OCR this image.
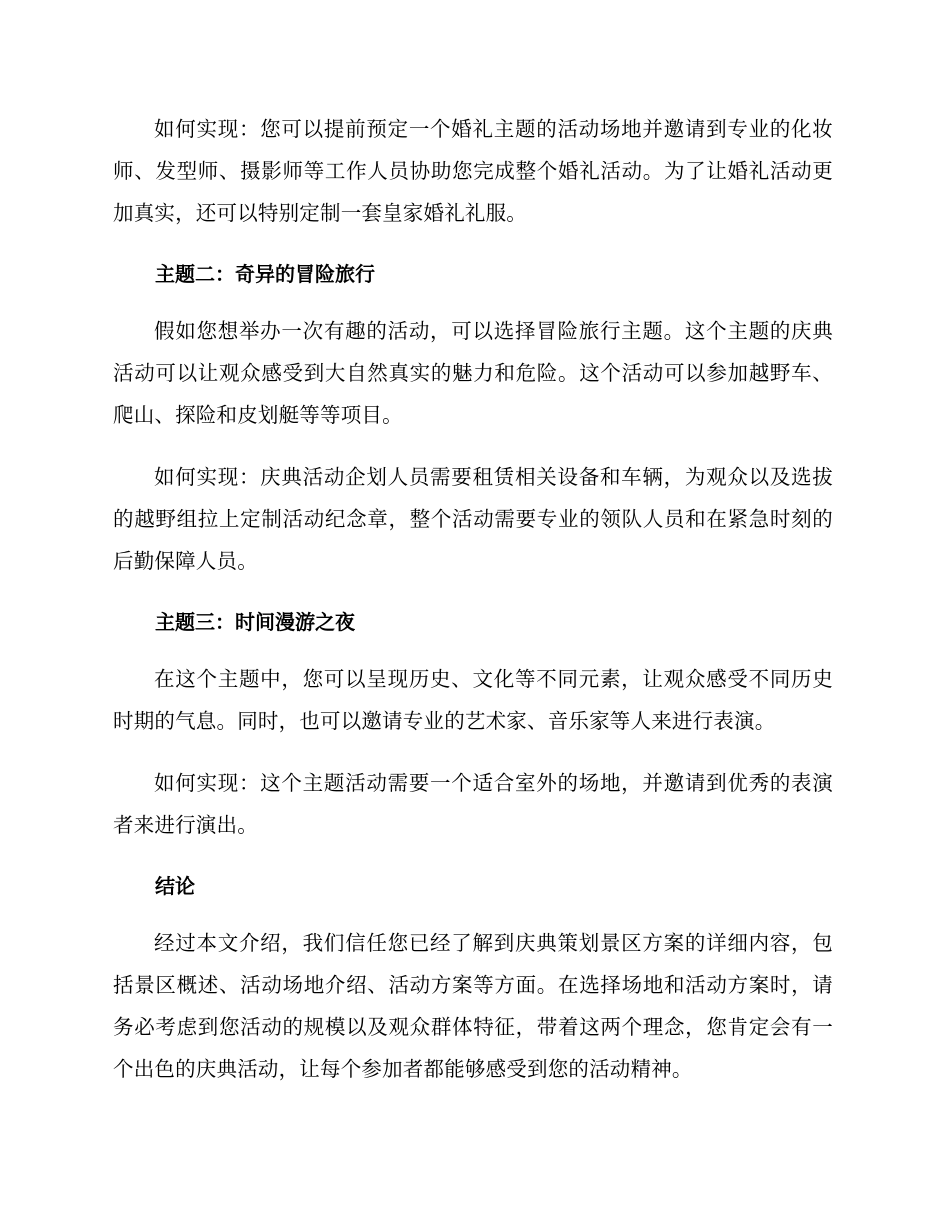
如何实现：您可以提前预定一个婚礼主题的活动场地并邀请到专业的化妆师、发型师、摄影师等工作人员协助您完成整个婚礼活动。为了让婚礼活动更加真实，还可以特别定制一套皇家婚礼礼服。

主题二：奇异的冒险旅行

假如您想举办一次有趣的活动，可以选择冒险旅行主题。这个主题的庆典活动可以让观众感受到大自然真实的魅力和危险。这个活动可以参加越野车、爬山、探险和皮划艇等等项目。

如何实现：庆典活动企划人员需要租赁相关设备和车辆，为观众以及选拔的越野组拉上定制活动纪念章，整个活动需要专业的领队人员和在紧急时刻的后勤保障人员。

主题三：时间漫游之夜

在这个主题中，您可以呈现历史、文化等不同元素，让观众感受不同历史时期的气息。同时，也可以邀请专业的艺术家、音乐家等人来进行表演。

如何实现：这个主题活动需要一个适合室外的场地，并邀请到优秀的表演者来进行演出。

结论

经过本文介绍，我们信任您已经了解到庆典策划景区方案的详细内容，包括景区概述、活动场地介绍、活动方案等方面。在选择场地和活动方案时，请务必考虑到您活动的规模以及观众群体特征，带着这两个理念，您肯定会有一个出色的庆典活动，让每个参加者都能够感受到您的活动精神。
